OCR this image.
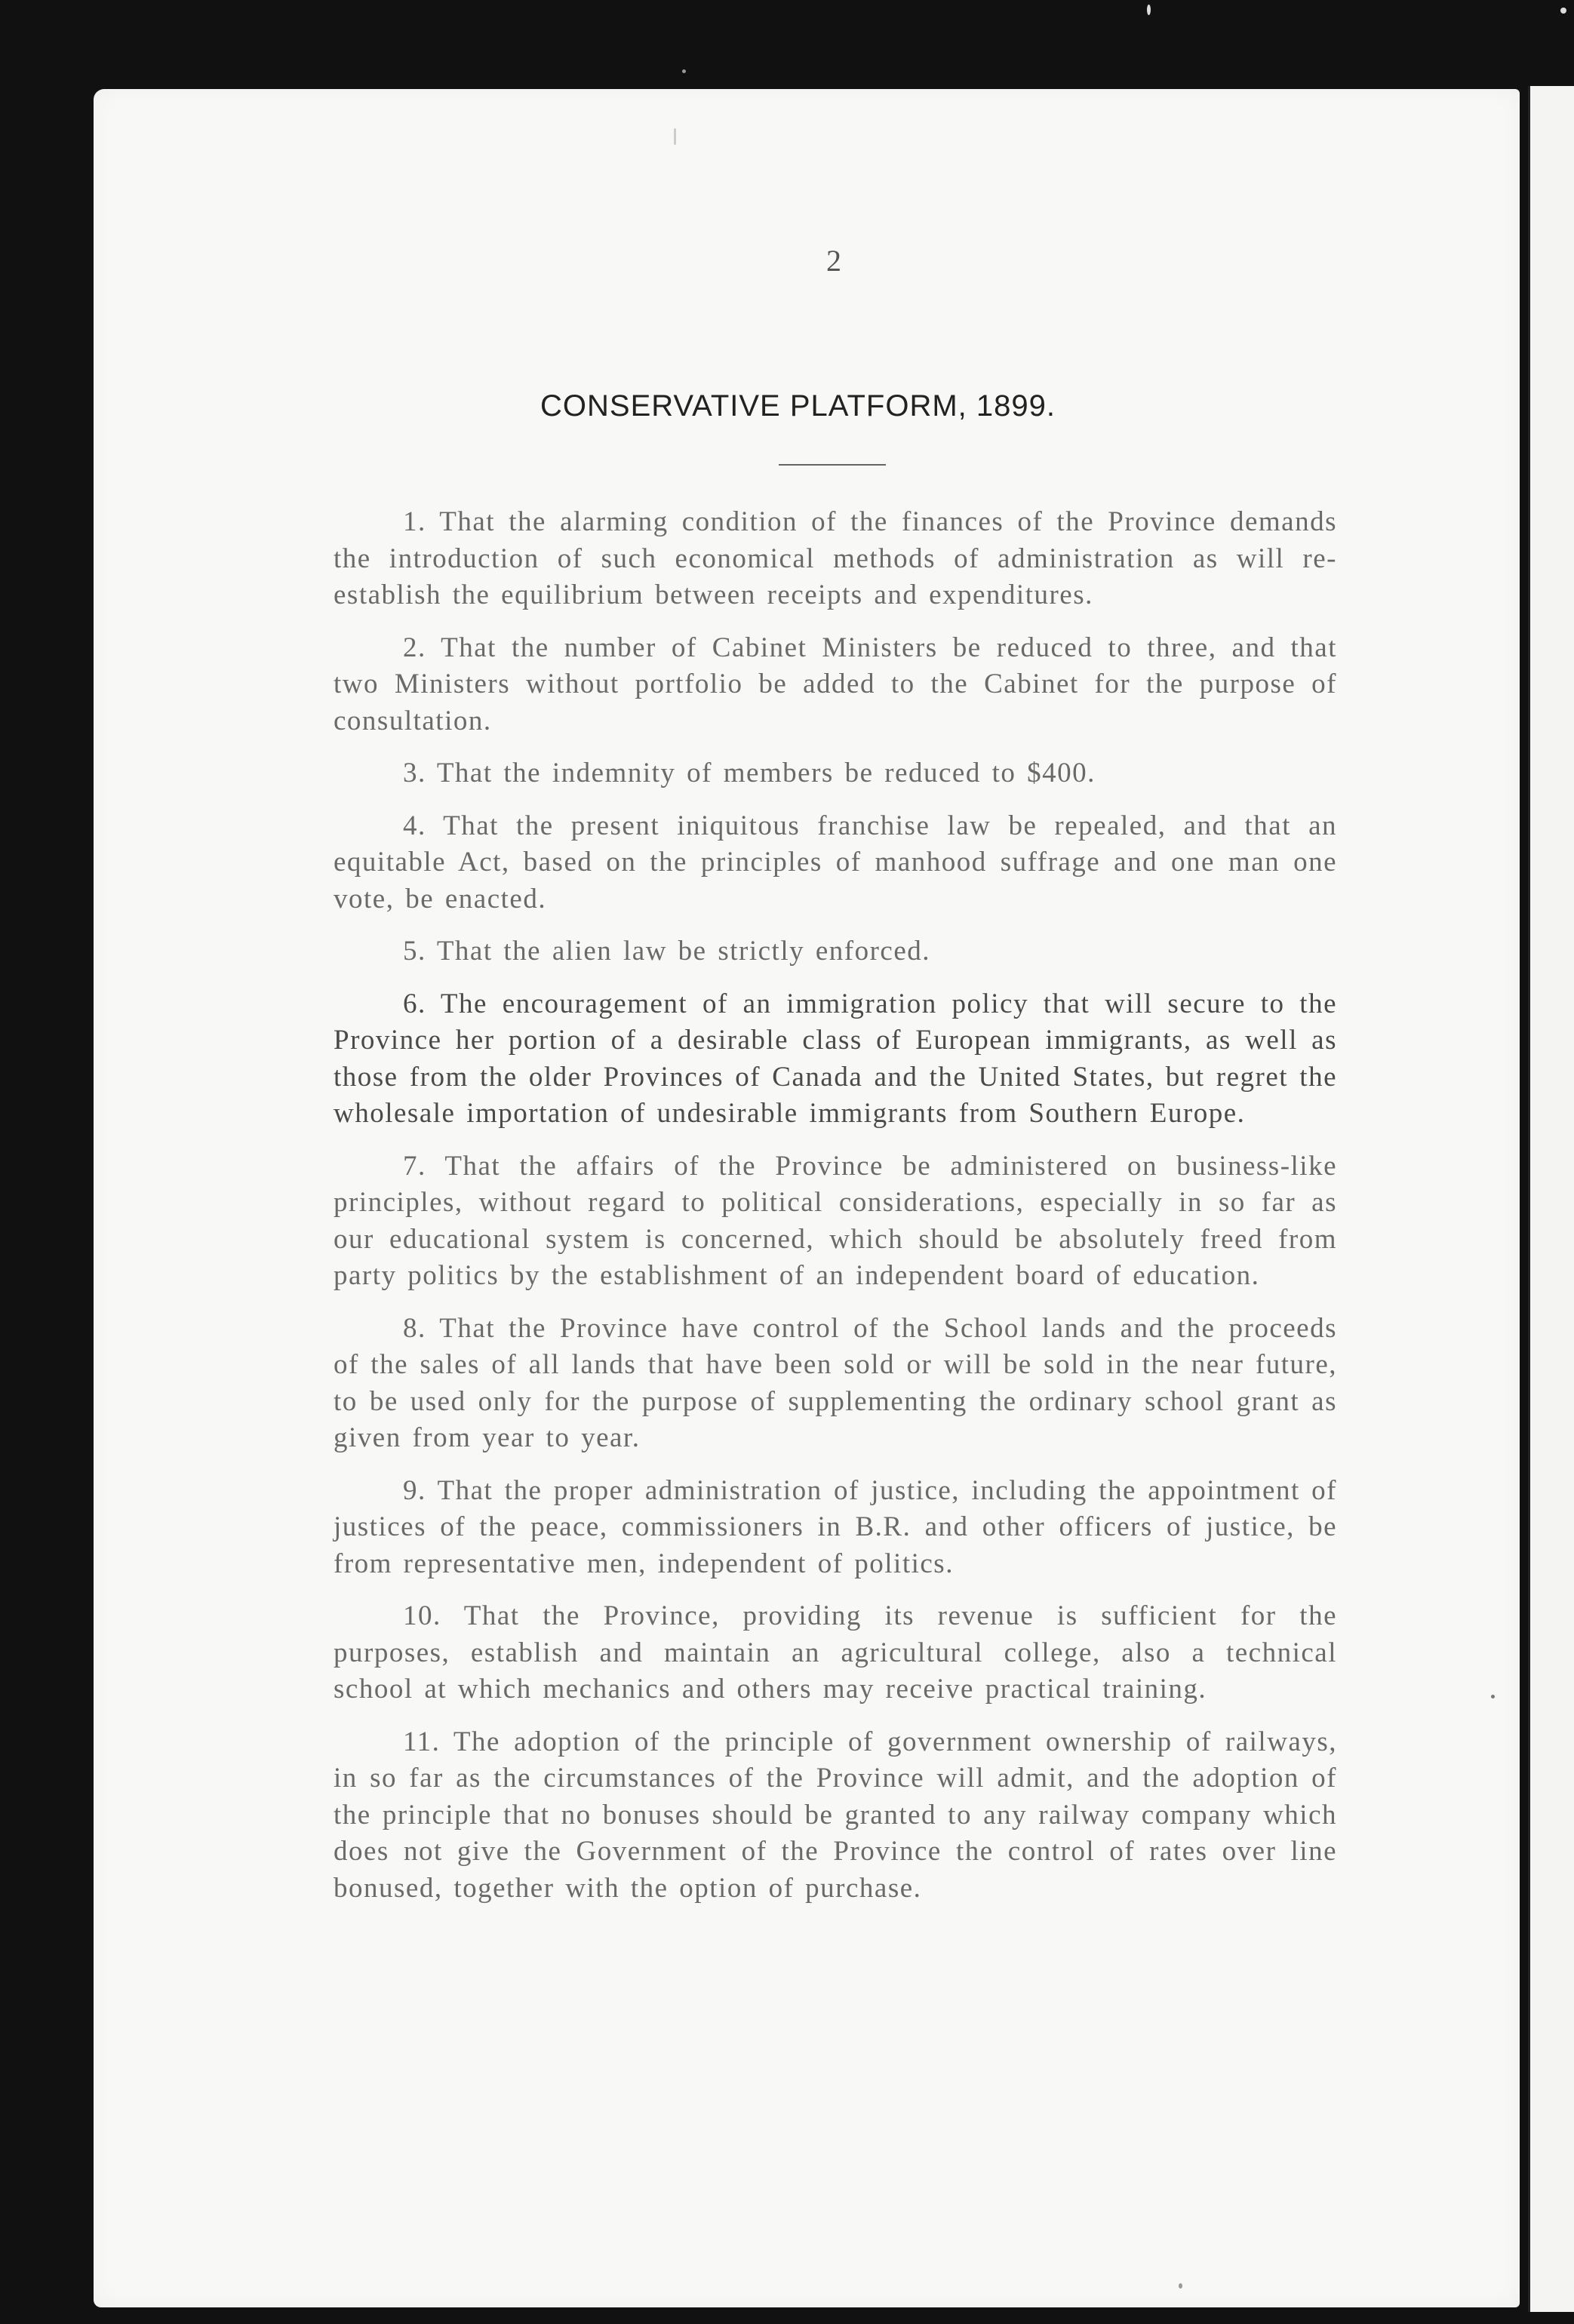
2
CONSERVATIVE PLATFORM, 1899.

1. That the alarming condition of the finances of the Province demands the introduction of such economical methods of administration as will re-establish the equilibrium between receipts and expenditures.

2. That the number of Cabinet Ministers be reduced to three, and that two Ministers without portfolio be added to the Cabinet for the purpose of consultation.

3. That the indemnity of members be reduced to $400.

4. That the present iniquitous franchise law be repealed, and that an equitable Act, based on the principles of manhood suffrage and one man one vote, be enacted.

5. That the alien law be strictly enforced.

6. The encouragement of an immigration policy that will secure to the Province her portion of a desirable class of European immigrants, as well as those from the older Provinces of Canada and the United States, but regret the wholesale importation of undesirable immigrants from Southern Europe.

7. That the affairs of the Province be administered on business-like principles, without regard to political considerations, especially in so far as our educational system is concerned, which should be absolutely freed from party politics by the establishment of an independent board of education.

8. That the Province have control of the School lands and the proceeds of the sales of all lands that have been sold or will be sold in the near future, to be used only for the purpose of supplementing the ordinary school grant as given from year to year.

9. That the proper administration of justice, including the appointment of justices of the peace, commissioners in B.R. and other officers of justice, be from representative men, independent of politics.

10. That the Province, providing its revenue is sufficient for the purposes, establish and maintain an agricultural college, also a technical school at which mechanics and others may receive practical training.

11. The adoption of the principle of government ownership of railways, in so far as the circumstances of the Province will admit, and the adoption of the principle that no bonuses should be granted to any railway company which does not give the Government of the Province the control of rates over line bonused, together with the option of purchase.
